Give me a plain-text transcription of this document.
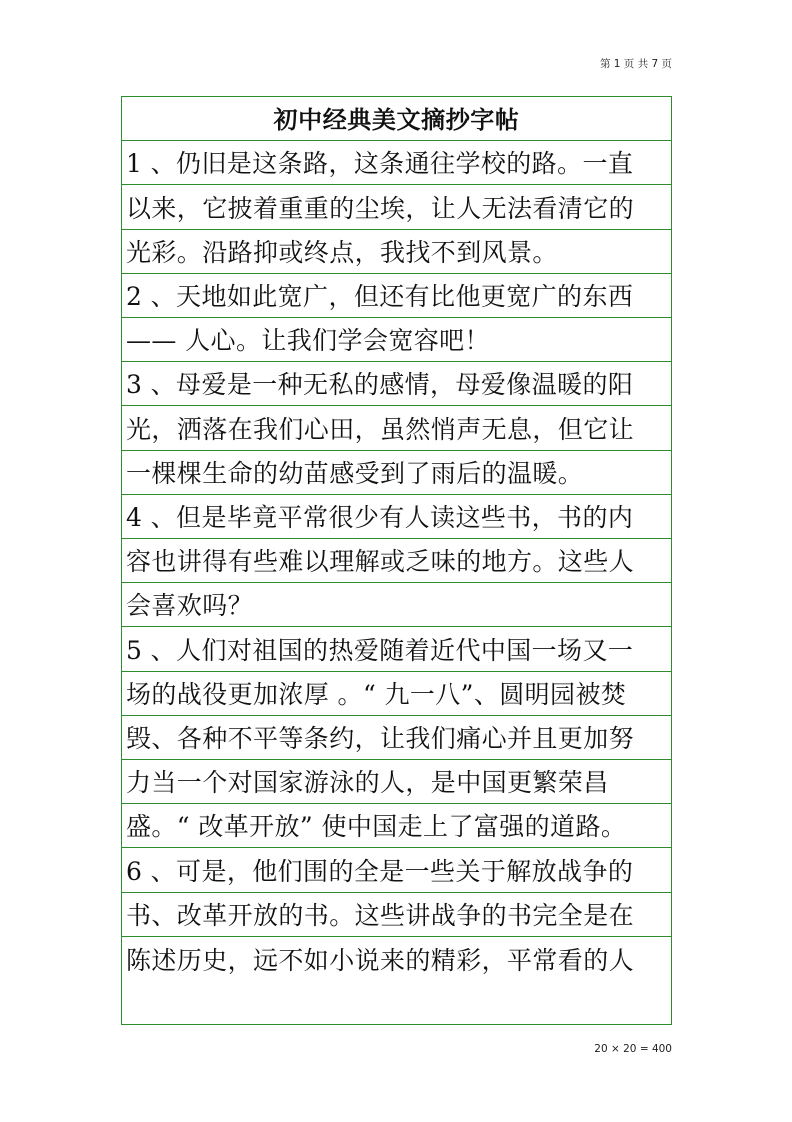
第 1 页 共 7 页
初中经典美文摘抄字帖
1 、仍旧是这条路，这条通往学校的路。一直
以来，它披着重重的尘埃，让人无法看清它的
光彩。沿路抑或终点，我找不到风景。
2 、天地如此宽广，但还有比他更宽广的东西
—— 人心。让我们学会宽容吧！
3 、母爱是一种无私的感情，母爱像温暖的阳
光，洒落在我们心田，虽然悄声无息，但它让
一棵棵生命的幼苗感受到了雨后的温暖。
4 、但是毕竟平常很少有人读这些书，书的内
容也讲得有些难以理解或乏味的地方。这些人
会喜欢吗？
5 、人们对祖国的热爱随着近代中国一场又一
场的战役更加浓厚 。“ 九一八”、圆明园被焚
毁、各种不平等条约，让我们痛心并且更加努
力当一个对国家游泳的人，是中国更繁荣昌
盛。“ 改革开放” 使中国走上了富强的道路。
6 、可是，他们围的全是一些关于解放战争的
书、改革开放的书。这些讲战争的书完全是在
陈述历史，远不如小说来的精彩，平常看的人
20 × 20 = 400
